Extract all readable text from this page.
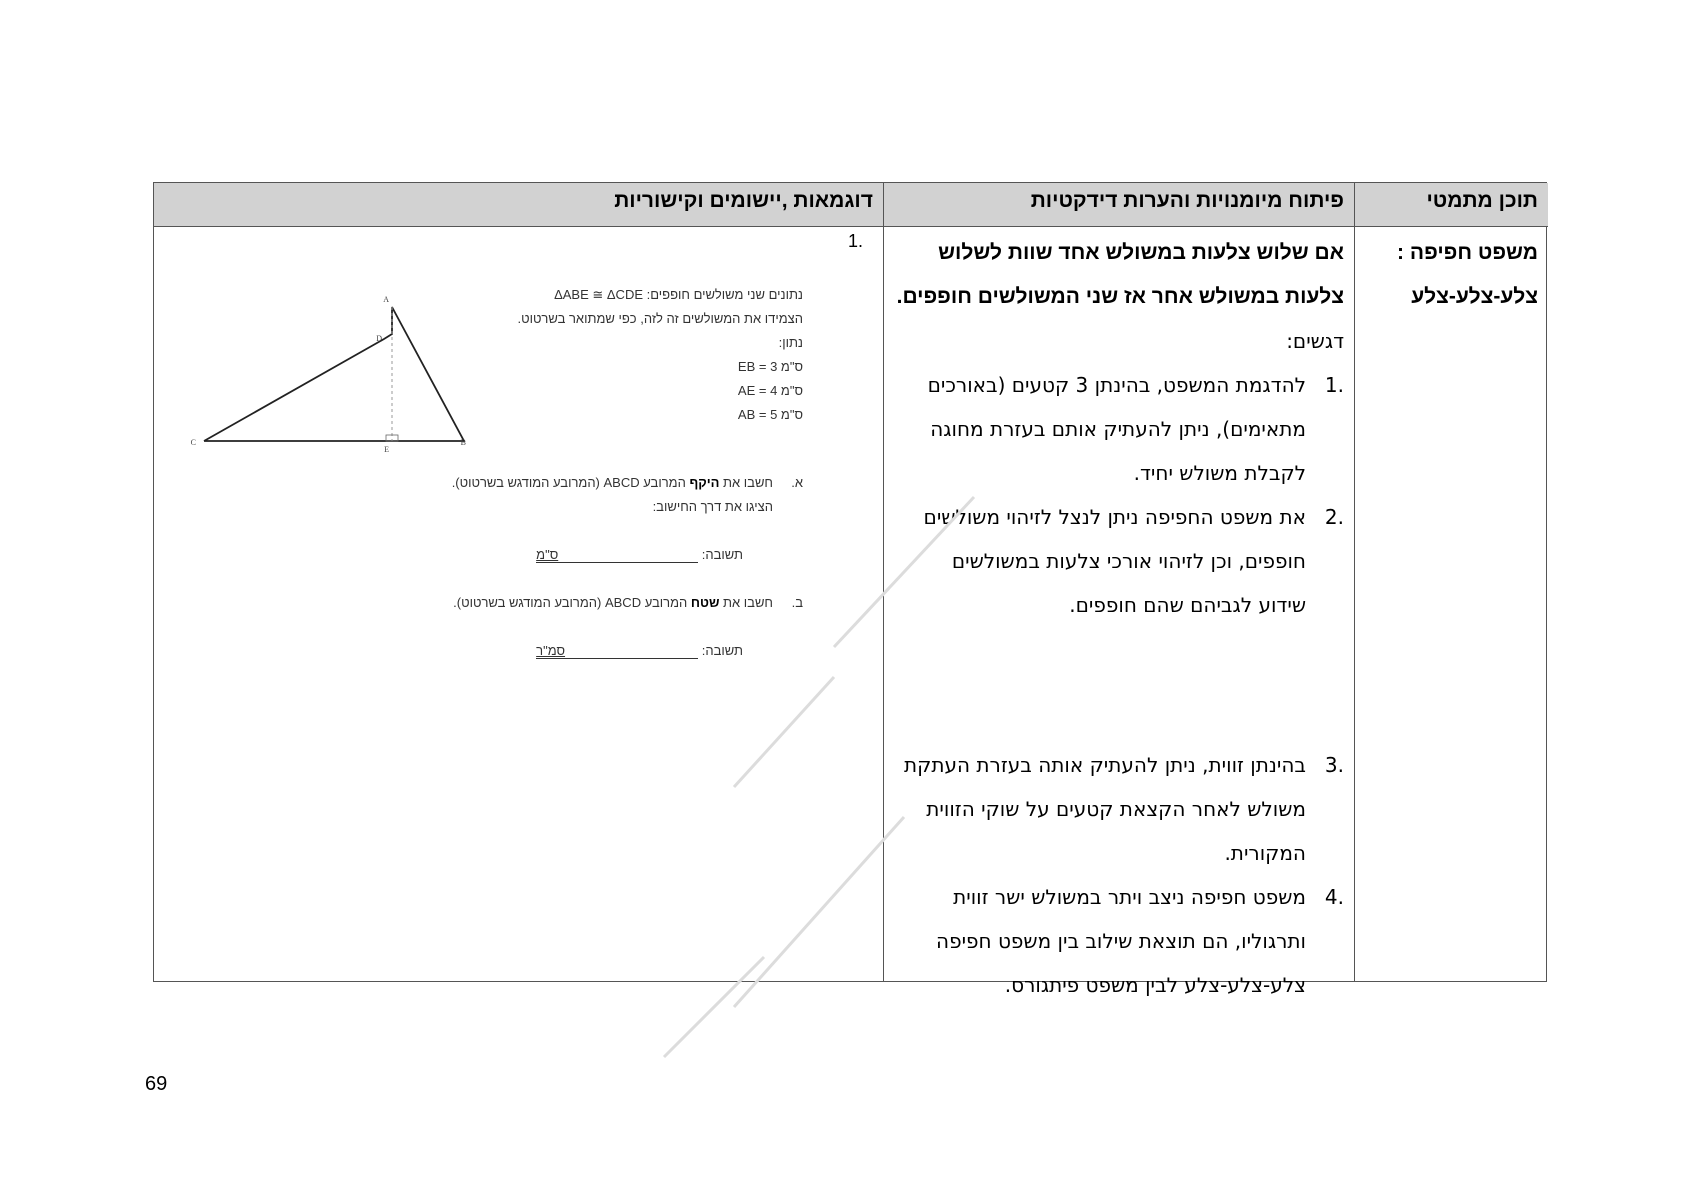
דוגמאות ,יישומים וקישוריות	פיתוח מיומנויות והערות דידקטיות	תוכן מתמטי
משפט חפיפה :
צלע-צלע-צלע
אם שלוש צלעות במשולש אחד שוות לשלוש
צלעות במשולש אחר אז שני המשולשים חופפים.
דגשים:
.1
להדגמת המשפט, בהינתן 3 קטעים (באורכים
מתאימים), ניתן להעתיק אותם בעזרת מחוגה
לקבלת משולש יחיד.
.2
את משפט החפיפה ניתן לנצל לזיהוי משולשים
חופפים, וכן לזיהוי אורכי צלעות במשולשים
שידוע לגביהם שהם חופפים.
.3
בהינתן זווית, ניתן להעתיק אותה בעזרת העתקת
משולש לאחר הקצאת קטעים על שוקי הזווית
המקורית.
.4
משפט חפיפה ניצב ויתר במשולש ישר זווית
ותרגוליו, הם תוצאת שילוב בין משפט חפיפה
צלע-צלע-צלע לבין משפט פיתגורס.
.1
נתונים שני משולשים חופפים: ΔABE ≅ ΔCDE
הצמידו את המשולשים זה לזה, כפי שמתואר בשרטוט.
נתון:
EB = 3 ס"מ
AE = 4 ס"מ
AB = 5 ס"מ
א.
חשבו את היקף המרובע ABCD (המרובע המודגש בשרטוט).
הציגו את דרך החישוב:
תשובה: ס"מ
ב.
חשבו את שטח המרובע ABCD (המרובע המודגש בשרטוט).
תשובה: סמ"ר
A
D
C
E
B
69
